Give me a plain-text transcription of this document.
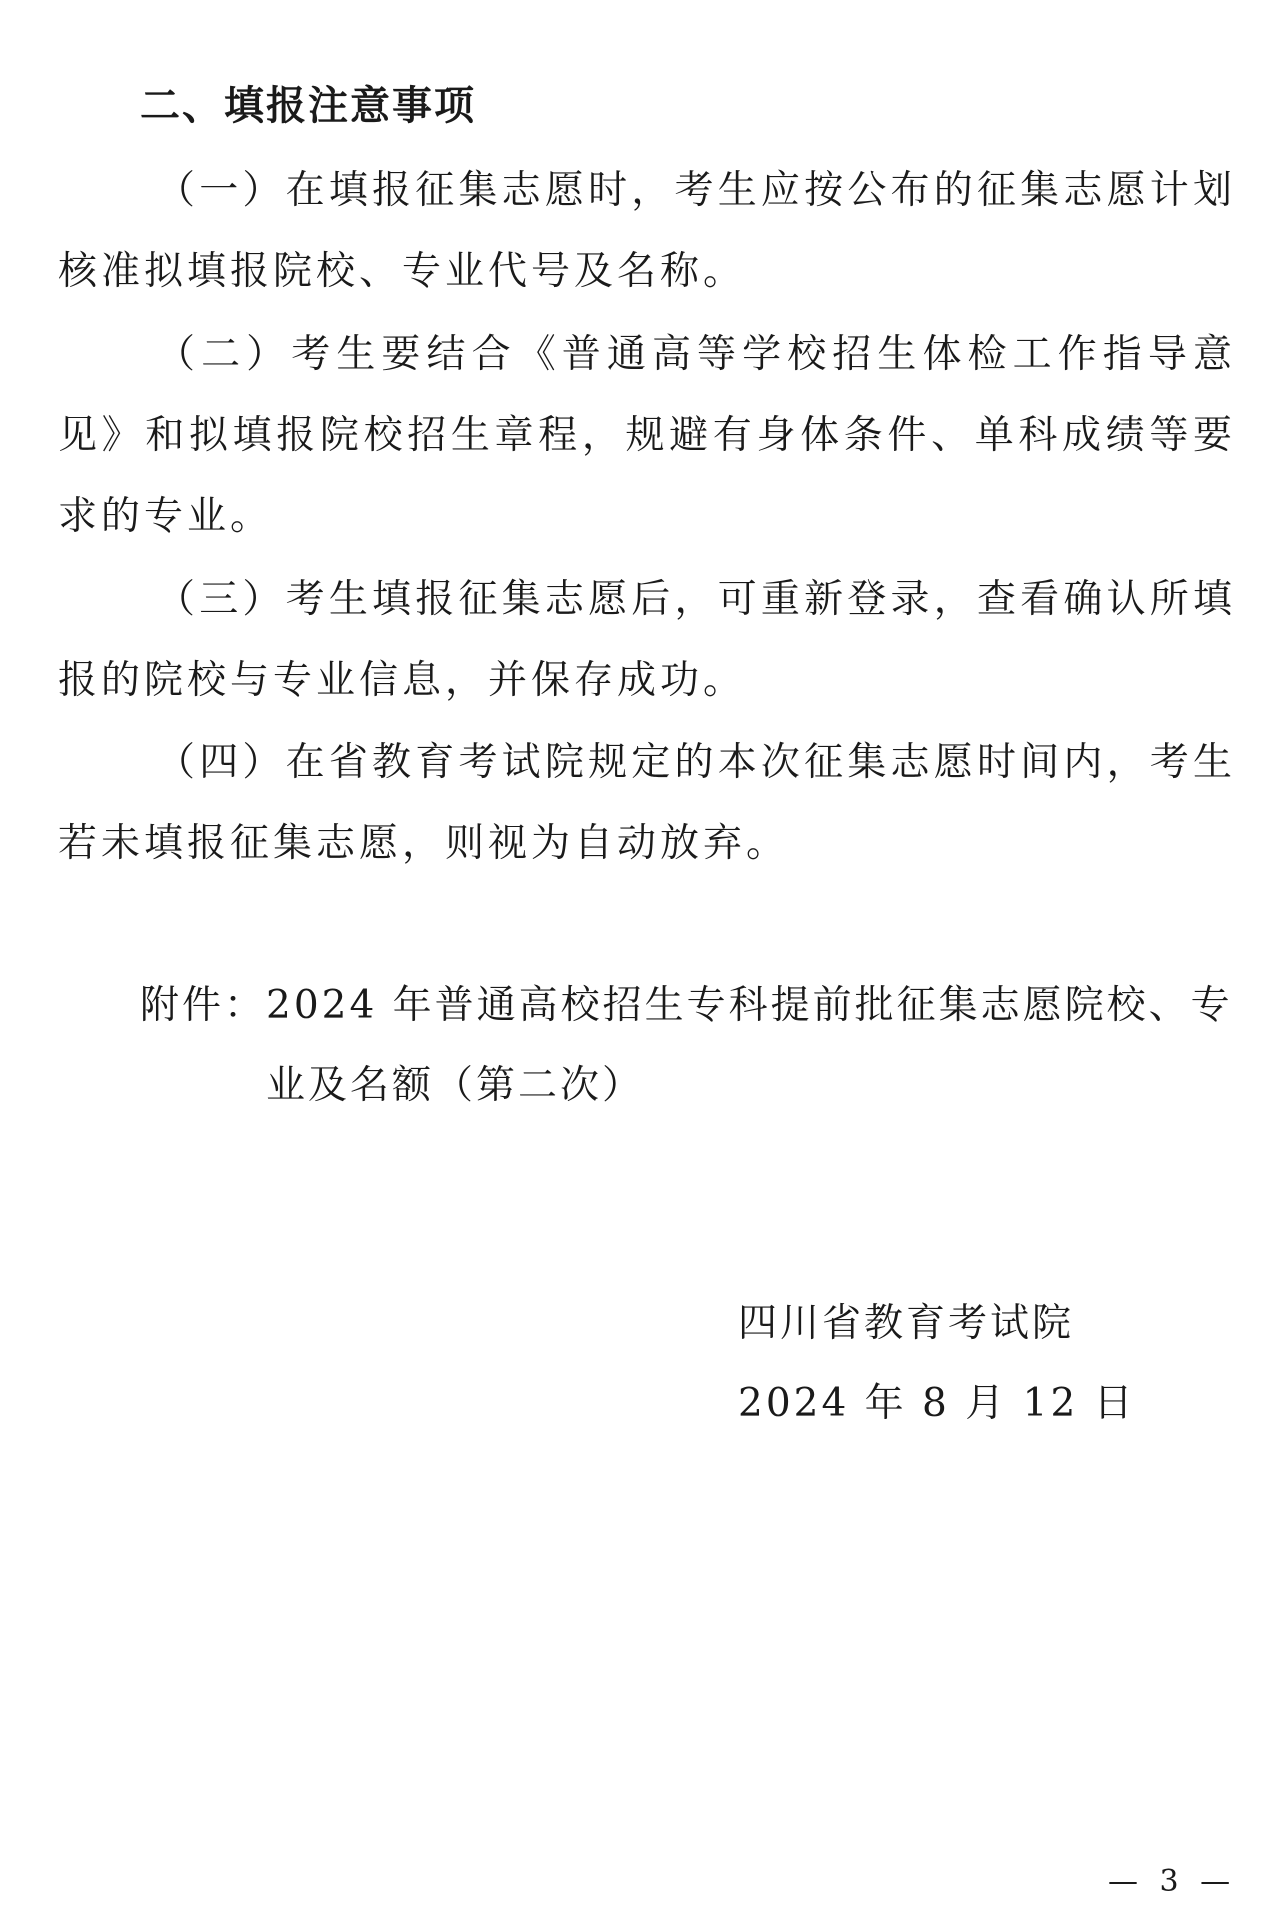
二、填报注意事项

（一）在填报征集志愿时，考生应按公布的征集志愿计划核准拟填报院校、专业代号及名称。

（二）考生要结合《普通高等学校招生体检工作指导意见》和拟填报院校招生章程，规避有身体条件、单科成绩等要求的专业。

（三）考生填报征集志愿后，可重新登录，查看确认所填报的院校与专业信息，并保存成功。

（四）在省教育考试院规定的本次征集志愿时间内，考生若未填报征集志愿，则视为自动放弃。

附件： 2024 年普通高校招生专科提前批征集志愿院校、专业及名额（第二次）
四川省教育考试院
2024 年 8 月 12 日
— 3 —
